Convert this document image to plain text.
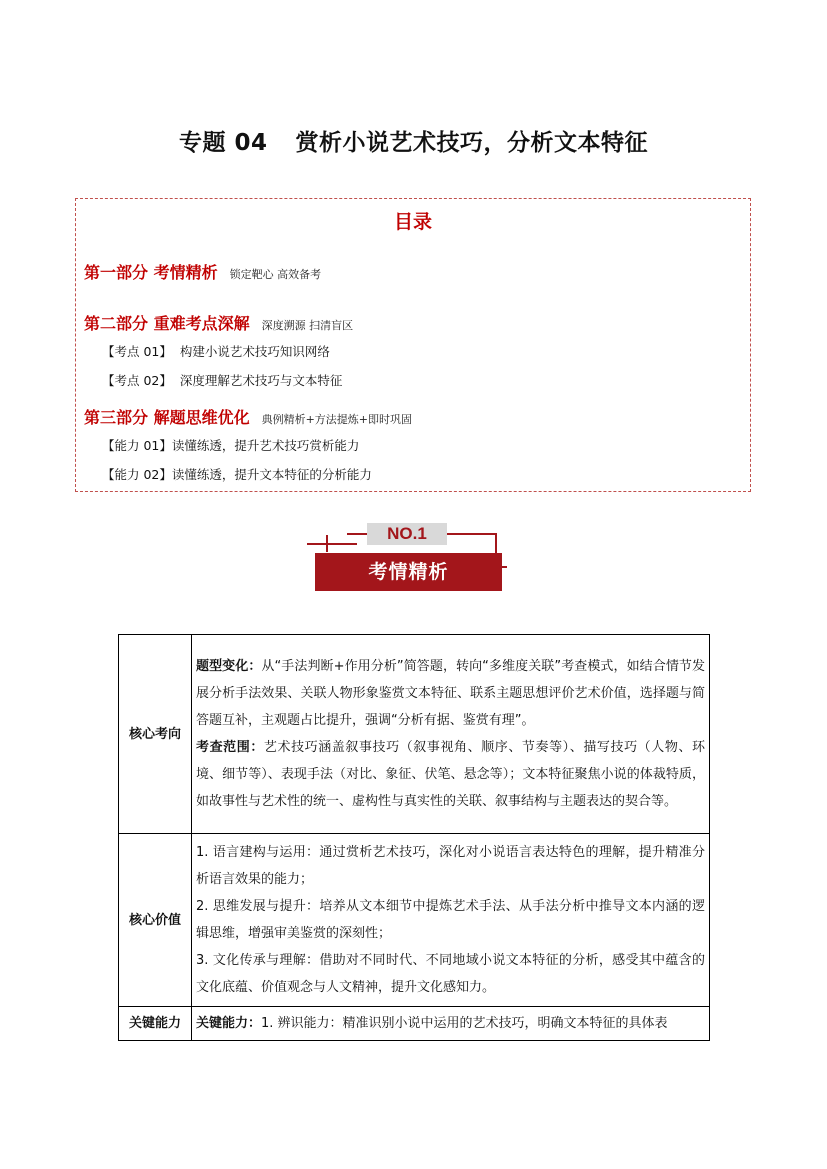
专题 04 赏析小说艺术技巧，分析文本特征
目录
第一部分 考情精析 锁定靶心 高效备考
第二部分 重难考点深解 深度溯源 扫清盲区
【考点 01】 构建小说艺术技巧知识网络
【考点 02】 深度理解艺术技巧与文本特征
第三部分 解题思维优化 典例精析+方法提炼+即时巩固
【能力 01】读懂练透，提升艺术技巧赏析能力
【能力 02】读懂练透，提升文本特征的分析能力
NO.1
考情精析
核心考向	题型变化：从“手法判断+作用分析”简答题，转向“多维度关联”考查模式，如结合情节发展分析手法效果、关联人物形象鉴赏文本特征、联系主题思想评价艺术价值，选择题与简答题互补，主观题占比提升，强调“分析有据、鉴赏有理”。

考查范围：艺术技巧涵盖叙事技巧（叙事视角、顺序、节奏等）、描写技巧（人物、环境、细节等）、表现手法（对比、象征、伏笔、悬念等）；文本特征聚焦小说的体裁特质，如故事性与艺术性的统一、虚构性与真实性的关联、叙事结构与主题表达的契合等。

核心价值	1. 语言建构与运用：通过赏析艺术技巧，深化对小说语言表达特色的理解，提升精准分析语言效果的能力；

2. 思维发展与提升：培养从文本细节中提炼艺术手法、从手法分析中推导文本内涵的逻辑思维，增强审美鉴赏的深刻性；

3. 文化传承与理解：借助对不同时代、不同地域小说文本特征的分析，感受其中蕴含的文化底蕴、价值观念与人文精神，提升文化感知力。

关键能力	关键能力：1. 辨识能力：精准识别小说中运用的艺术技巧，明确文本特征的具体表
